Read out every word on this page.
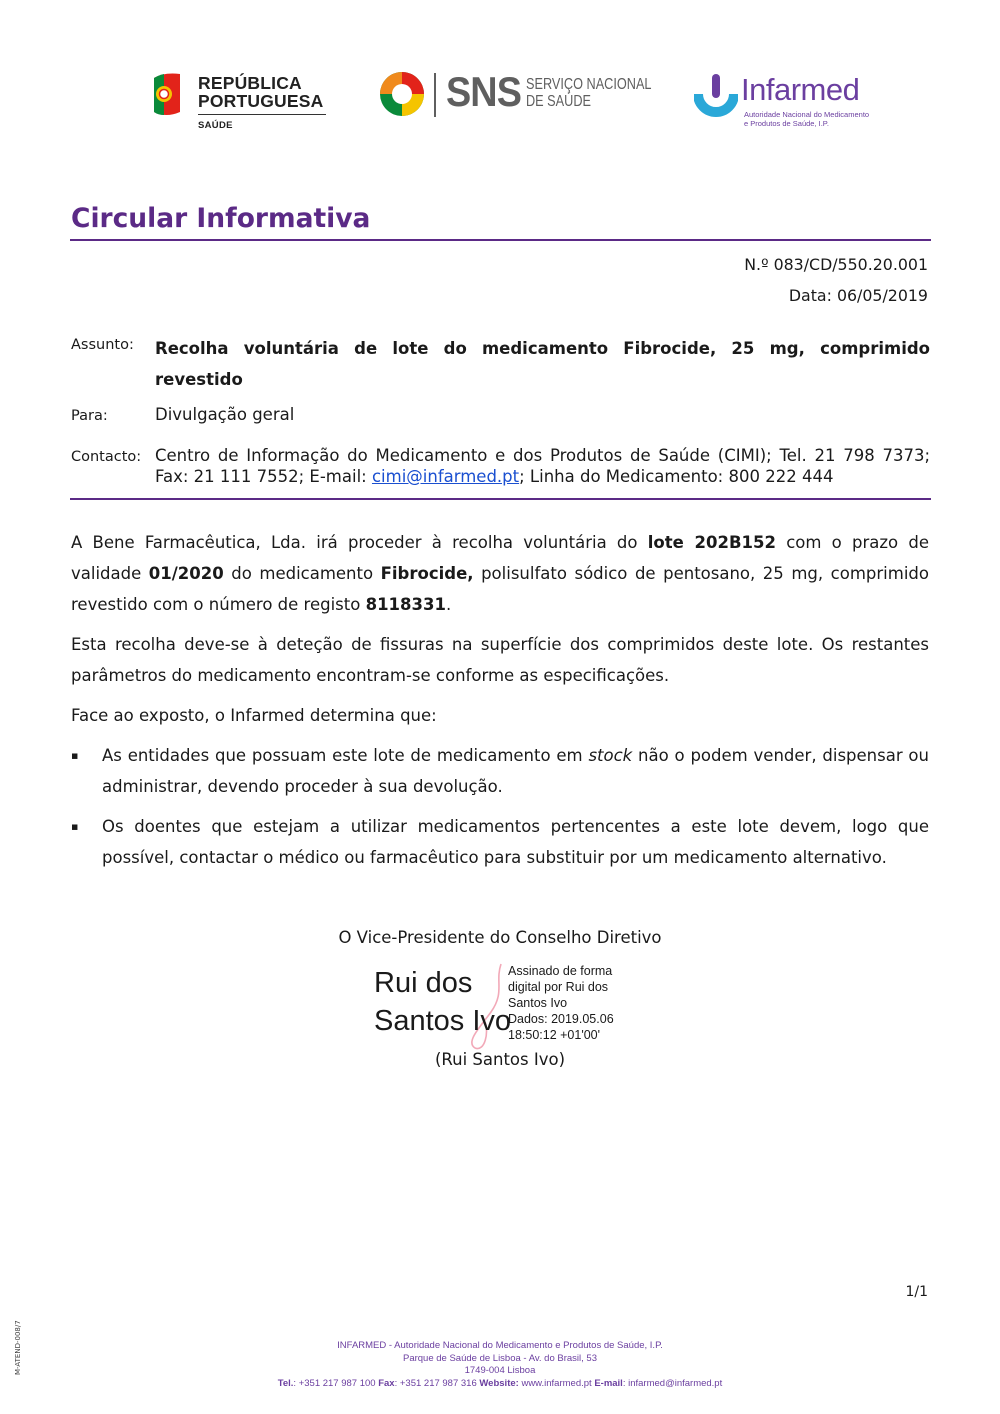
REPÚBLICA
PORTUGUESA
SAÚDE
SNS SERVIÇO NACIONAL
DE SAÚDE	Infarmed
Autoridade Nacional do Medicamento
e Produtos de Saúde, I.P.
Circular Informativa
N.º 083/CD/550.20.001
Data: 06/05/2019
Assunto: Recolha voluntária de lote do medicamento Fibrocide, 25 mg, comprimido revestido
Para:	Divulgação geral
Contacto: Centro de Informação do Medicamento e dos Produtos de Saúde (CIMI); Tel. 21 798 7373; Fax: 21 111 7552; E-mail: cimi@infarmed.pt; Linha do Medicamento: 800 222 444
A Bene Farmacêutica, Lda. irá proceder à recolha voluntária do lote 202B152 com o prazo de validade 01/2020 do medicamento Fibrocide, polisulfato sódico de pentosano, 25 mg, comprimido revestido com o número de registo 8118331.
Esta recolha deve-se à deteção de fissuras na superfície dos comprimidos deste lote. Os restantes parâmetros do medicamento encontram-se conforme as especificações.
Face ao exposto, o Infarmed determina que:
▪ As entidades que possuam este lote de medicamento em stock não o podem vender, dispensar ou administrar, devendo proceder à sua devolução.
▪ Os doentes que estejam a utilizar medicamentos pertencentes a este lote devem, logo que possível, contactar o médico ou farmacêutico para substituir por um medicamento alternativo.
O Vice-Presidente do Conselho Diretivo
Rui dos
Santos Ivo
Assinado de forma
digital por Rui dos
Santos Ivo
Dados: 2019.05.06
18:50:12 +01'00'
(Rui Santos Ivo)
1/1
M-ATEND-008/7	INFARMED - Autoridade Nacional do Medicamento e Produtos de Saúde, I.P.
Parque de Saúde de Lisboa - Av. do Brasil, 53
1749-004 Lisboa
Tel.: +351 217 987 100 Fax: +351 217 987 316 Website: www.infarmed.pt E-mail: infarmed@infarmed.pt
